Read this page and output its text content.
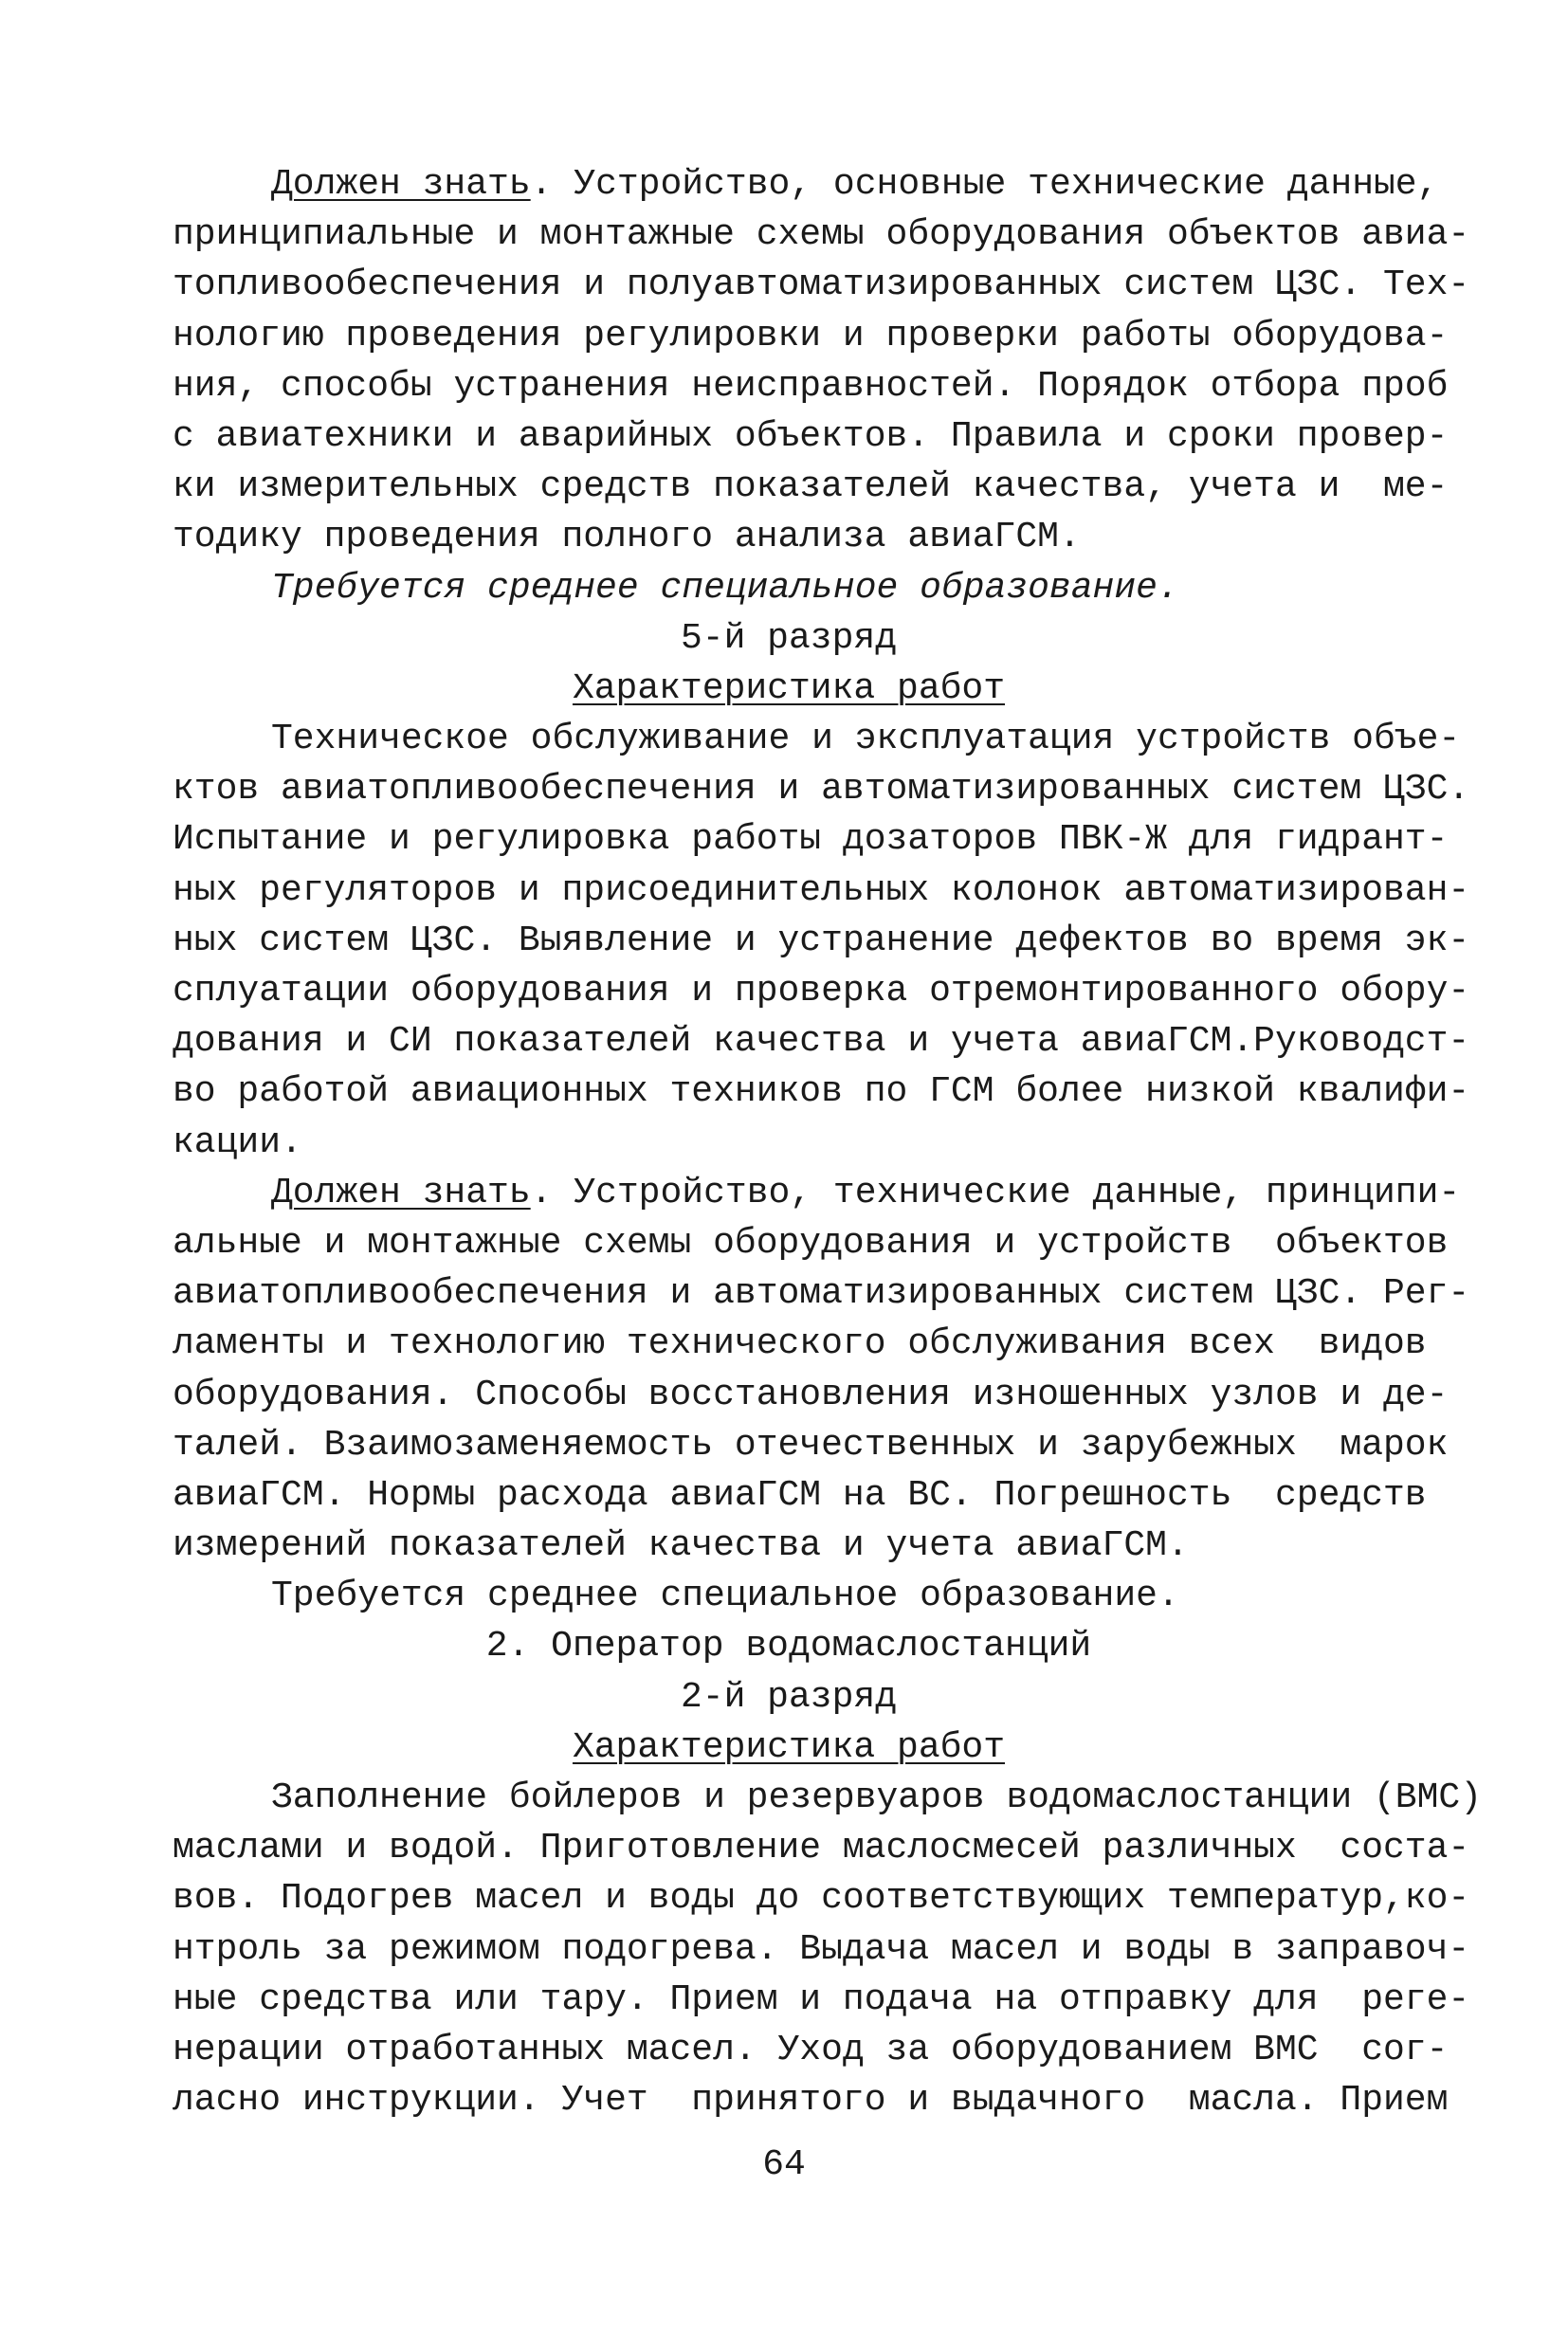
Должен знать. Устройство, основные технические данные,
принципиальные и монтажные схемы оборудования объектов авиа-
топливообеспечения и полуавтоматизированных систем ЦЗС. Тех-
нологию проведения регулировки и проверки работы оборудова-
ния, способы устранения неисправностей. Порядок отбора проб
с авиатехники и аварийных объектов. Правила и сроки провер-
ки измерительных средств показателей качества, учета и  ме-
тодику проведения полного анализа авиаГСМ.
Требуется среднее специальное образование.
5-й разряд
Характеристика работ
Техническое обслуживание и эксплуатация устройств объе-
ктов авиатопливообеспечения и автоматизированных систем ЦЗС.
Испытание и регулировка работы дозаторов ПВК-Ж для гидрант-
ных регуляторов и присоединительных колонок автоматизирован-
ных систем ЦЗС. Выявление и устранение дефектов во время эк-
сплуатации оборудования и проверка отремонтированного обору-
дования и СИ показателей качества и учета авиаГСМ.Руководст-
во работой авиационных техников по ГСМ более низкой квалифи-
кации.
Должен знать. Устройство, технические данные, принципи-
альные и монтажные схемы оборудования и устройств  объектов
авиатопливообеспечения и автоматизированных систем ЦЗС. Рег-
ламенты и технологию технического обслуживания всех  видов
оборудования. Способы восстановления изношенных узлов и де-
талей. Взаимозаменяемость отечественных и зарубежных  марок
авиаГСМ. Нормы расхода авиаГСМ на ВС. Погрешность  средств
измерений показателей качества и учета авиаГСМ.
Требуется среднее специальное образование.
2. Оператор водомаслостанций
2-й разряд
Характеристика работ
Заполнение бойлеров и резервуаров водомаслостанции (ВМС)
маслами и водой. Приготовление маслосмесей различных  соста-
вов. Подогрев масел и воды до соответствующих температур,ко-
нтроль за режимом подогрева. Выдача масел и воды в заправоч-
ные средства или тару. Прием и подача на отправку для  реге-
нерации отработанных масел. Уход за оборудованием ВМС  сог-
ласно инструкции. Учет  принятого и выдачного  масла. Прием
64
